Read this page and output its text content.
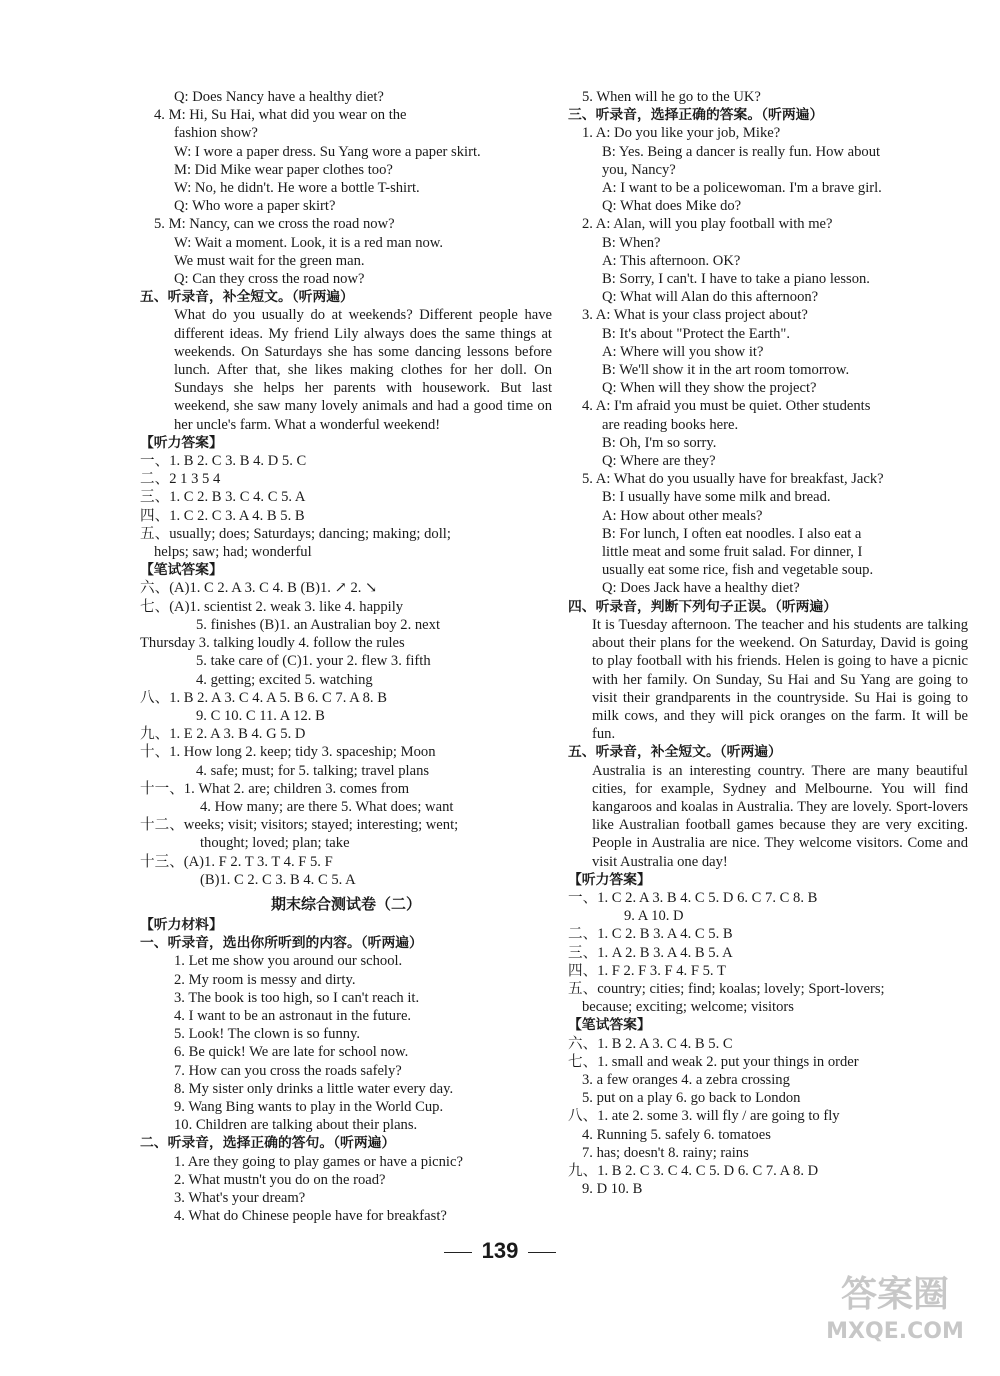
Q: Does Nancy have a healthy diet?
4. M: Hi, Su Hai, what did you wear on the
fashion show?
W: I wore a paper dress. Su Yang wore a paper skirt.
M: Did Mike wear paper clothes too?
W: No, he didn't. He wore a bottle T-shirt.
Q: Who wore a paper skirt?
5. M: Nancy, can we cross the road now?
W: Wait a moment. Look, it is a red man now.
We must wait for the green man.
Q: Can they cross the road now?
五、听录音，补全短文。（听两遍）
What do you usually do at weekends? Different people have different ideas. My friend Lily always does the same things at weekends. On Saturdays she has some dancing lessons before lunch. After that, she likes making clothes for her doll. On Sundays she helps her parents with housework. But last weekend, she saw many lovely animals and had a good time on her uncle's farm. What a wonderful weekend!
【听力答案】
一、1. B 2. C 3. B 4. D 5. C
二、2 1 3 5 4
三、1. C 2. B 3. C 4. C 5. A
四、1. C 2. C 3. A 4. B 5. B
五、usually; does; Saturdays; dancing; making; doll;
helps; saw; had; wonderful
【笔试答案】
六、(A)1. C 2. A 3. C 4. B (B)1. ↗ 2. ↘
七、(A)1. scientist 2. weak 3. like 4. happily
5. finishes (B)1. an Australian boy 2. next
Thursday 3. talking loudly 4. follow the rules
5. take care of (C)1. your 2. flew 3. fifth
4. getting; excited 5. watching
八、1. B 2. A 3. C 4. A 5. B 6. C 7. A 8. B
9. C 10. C 11. A 12. B
九、1. E 2. A 3. B 4. G 5. D
十、1. How long 2. keep; tidy 3. spaceship; Moon
4. safe; must; for 5. talking; travel plans
十一、1. What 2. are; children 3. comes from
4. How many; are there 5. What does; want
十二、weeks; visit; visitors; stayed; interesting; went;
thought; loved; plan; take
十三、(A)1. F 2. T 3. T 4. F 5. F
(B)1. C 2. C 3. B 4. C 5. A
期末综合测试卷（二）
【听力材料】
一、听录音，选出你所听到的内容。（听两遍）
1. Let me show you around our school.
2. My room is messy and dirty.
3. The book is too high, so I can't reach it.
4. I want to be an astronaut in the future.
5. Look! The clown is so funny.
6. Be quick! We are late for school now.
7. How can you cross the roads safely?
8. My sister only drinks a little water every day.
9. Wang Bing wants to play in the World Cup.
10. Children are talking about their plans.
二、听录音，选择正确的答句。（听两遍）
1. Are they going to play games or have a picnic?
2. What mustn't you do on the road?
3. What's your dream?
4. What do Chinese people have for breakfast?
5. When will he go to the UK?
三、听录音，选择正确的答案。（听两遍）
1. A: Do you like your job, Mike?
B: Yes. Being a dancer is really fun. How about
you, Nancy?
A: I want to be a policewoman. I'm a brave girl.
Q: What does Mike do?
2. A: Alan, will you play football with me?
B: When?
A: This afternoon. OK?
B: Sorry, I can't. I have to take a piano lesson.
Q: What will Alan do this afternoon?
3. A: What is your class project about?
B: It's about "Protect the Earth".
A: Where will you show it?
B: We'll show it in the art room tomorrow.
Q: When will they show the project?
4. A: I'm afraid you must be quiet. Other students
are reading books here.
B: Oh, I'm so sorry.
Q: Where are they?
5. A: What do you usually have for breakfast, Jack?
B: I usually have some milk and bread.
A: How about other meals?
B: For lunch, I often eat noodles. I also eat a
little meat and some fruit salad. For dinner, I
usually eat some rice, fish and vegetable soup.
Q: Does Jack have a healthy diet?
四、听录音，判断下列句子正误。（听两遍）
It is Tuesday afternoon. The teacher and his students are talking about their plans for the weekend. On Saturday, David is going to play football with his friends. Helen is going to have a picnic with her family. On Sunday, Su Hai and Su Yang are going to visit their grandparents in the countryside. Su Hai is going to milk cows, and they will pick oranges on the farm. It will be fun.
五、听录音，补全短文。（听两遍）
Australia is an interesting country. There are many beautiful cities, for example, Sydney and Melbourne. You will find kangaroos and koalas in Australia. They are lovely. Sport-lovers like Australian football games because they are very exciting. People in Australia are nice. They welcome visitors. Come and visit Australia one day!
【听力答案】
一、1. C 2. A 3. B 4. C 5. D 6. C 7. C 8. B
9. A 10. D
二、1. C 2. B 3. A 4. C 5. B
三、1. A 2. B 3. A 4. B 5. A
四、1. F 2. F 3. F 4. F 5. T
五、country; cities; find; koalas; lovely; Sport-lovers;
because; exciting; welcome; visitors
【笔试答案】
六、1. B 2. A 3. C 4. B 5. C
七、1. small and weak 2. put your things in order
3. a few oranges 4. a zebra crossing
5. put on a play 6. go back to London
八、1. ate 2. some 3. will fly / are going to fly
4. Running 5. safely 6. tomatoes
7. has; doesn't 8. rainy; rains
九、1. B 2. C 3. C 4. C 5. D 6. C 7. A 8. D
9. D 10. B
139
答案圈
MXQE.COM
